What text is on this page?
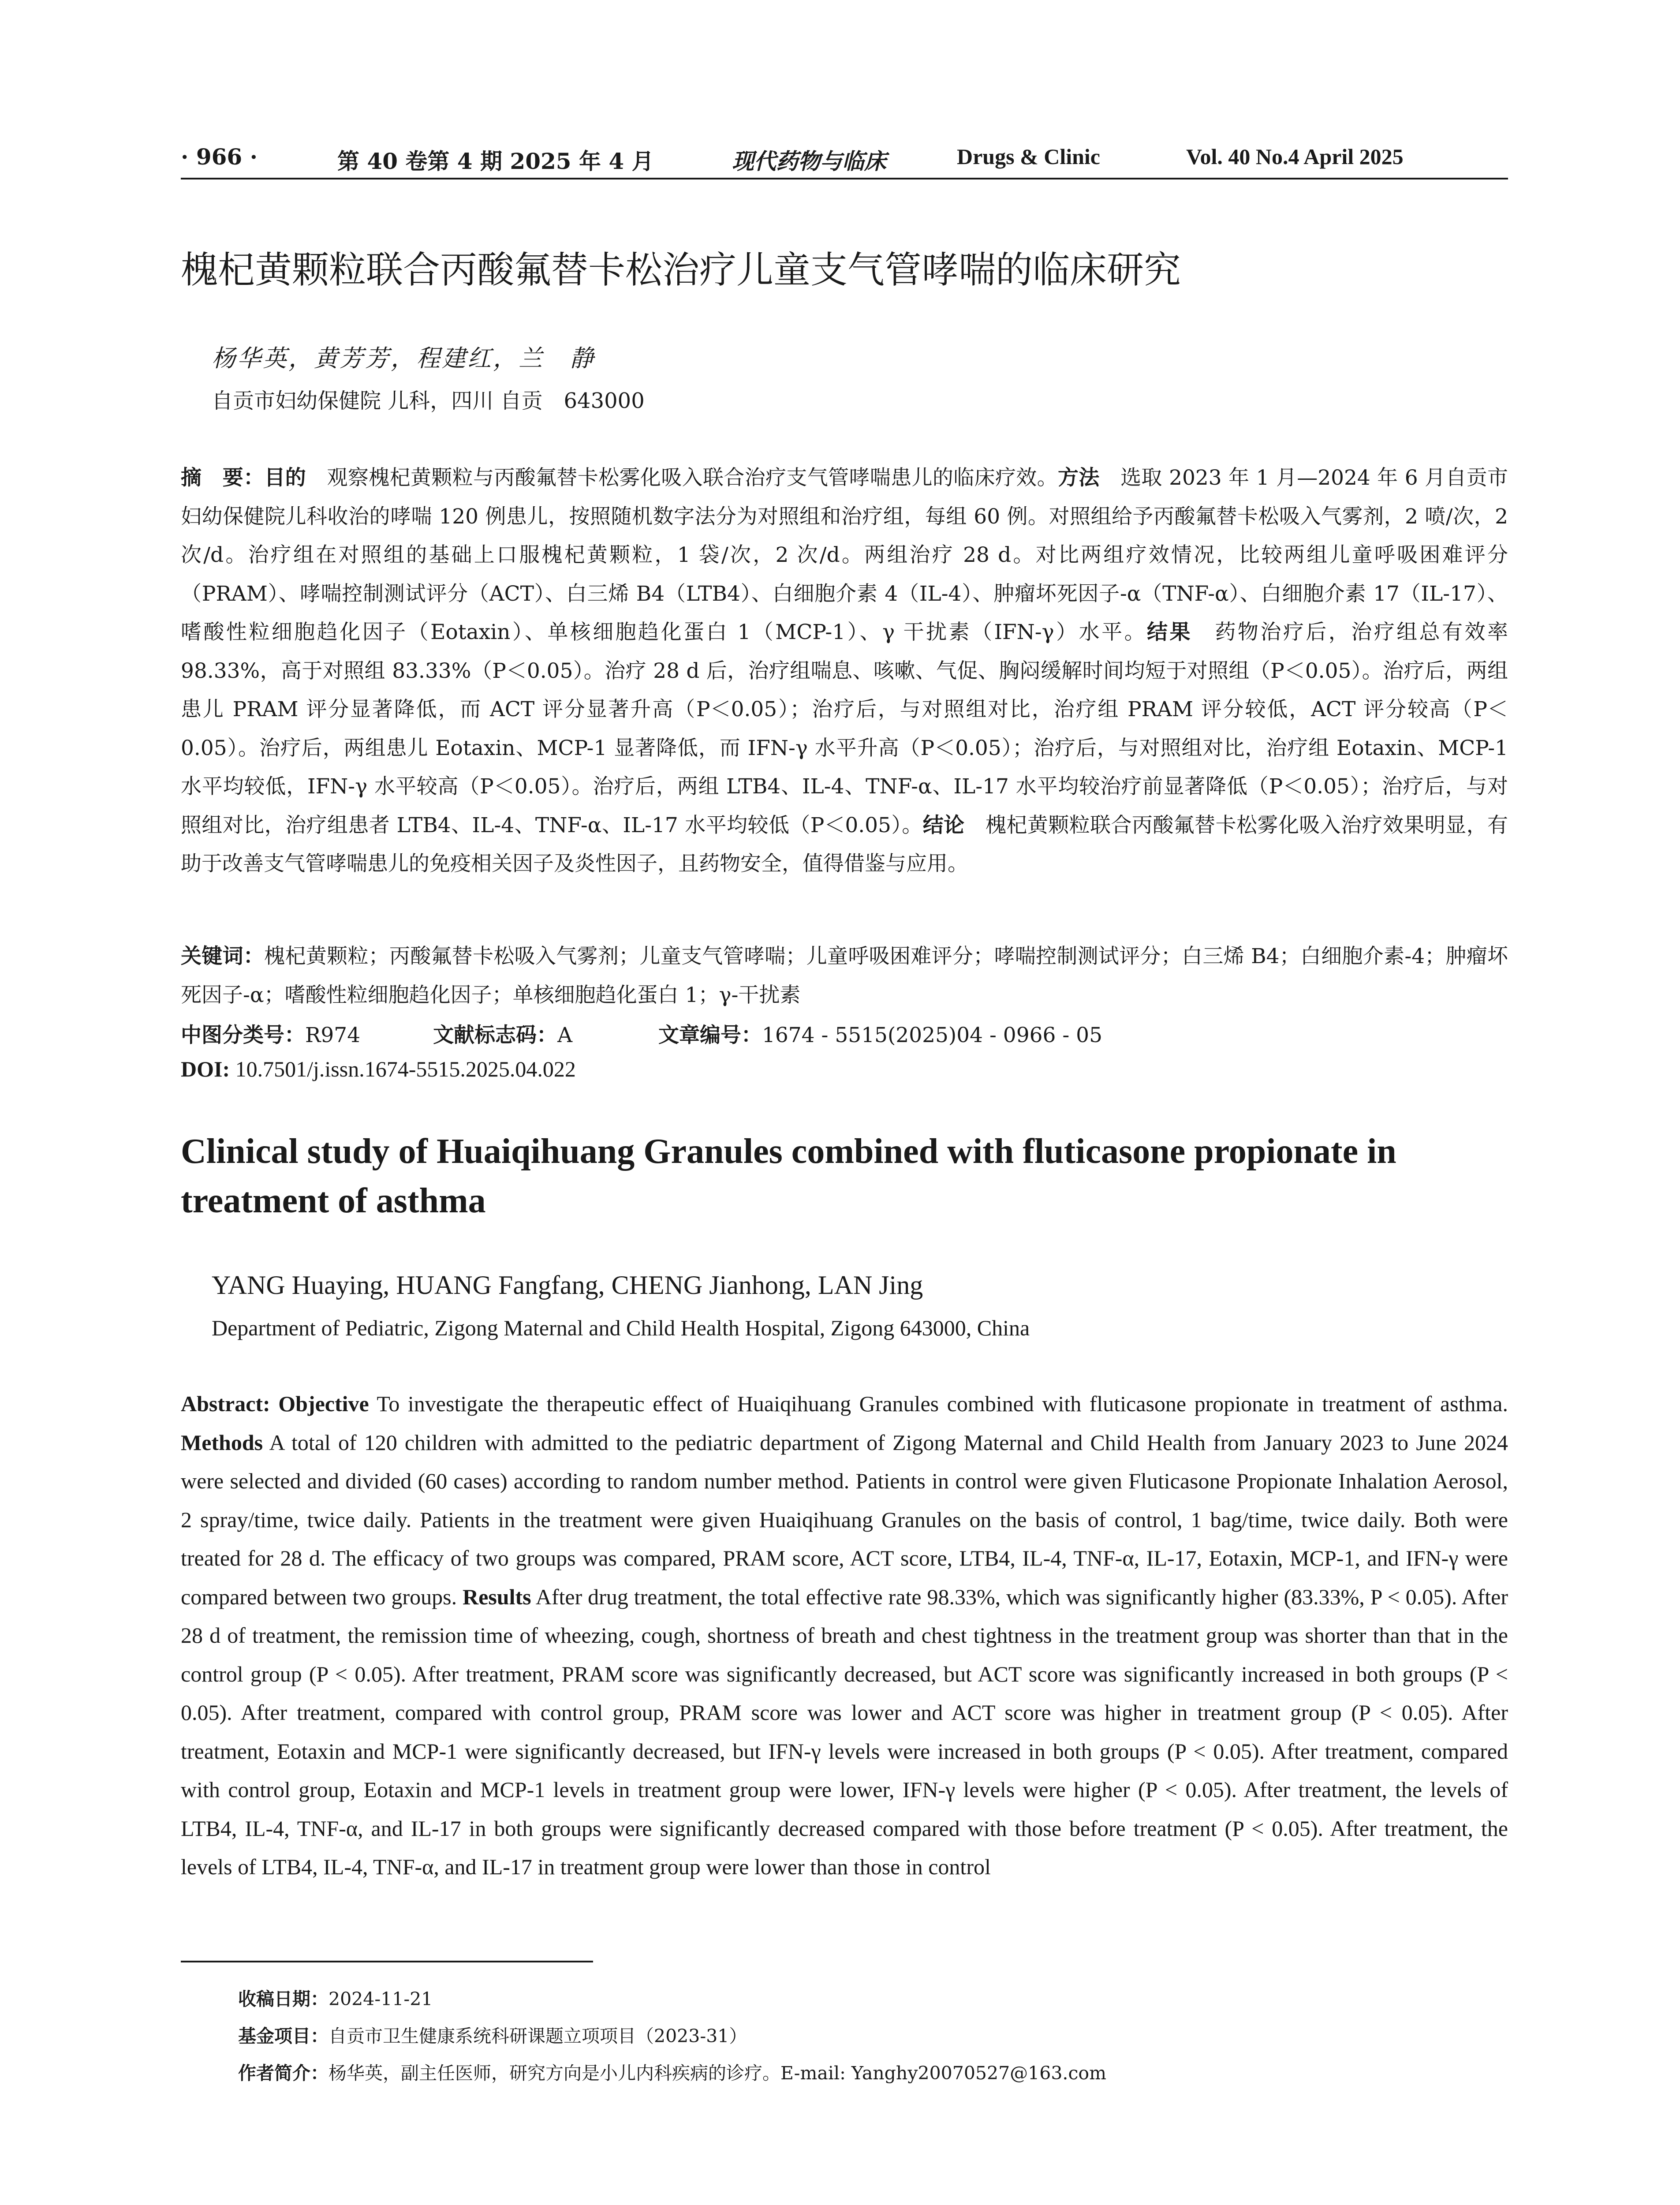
· 966 ·	第 40 卷第 4 期 2025 年 4 月	现代药物与临床	Drugs & Clinic	Vol. 40 No.4 April 2025
槐杞黄颗粒联合丙酸氟替卡松治疗儿童支气管哮喘的临床研究
杨华英，黄芳芳，程建红，兰　静
自贡市妇幼保健院 儿科，四川 自贡　643000
摘　要：目的　观察槐杞黄颗粒与丙酸氟替卡松雾化吸入联合治疗支气管哮喘患儿的临床疗效。方法　选取 2023 年 1 月—2024 年 6 月自贡市妇幼保健院儿科收治的哮喘 120 例患儿，按照随机数字法分为对照组和治疗组，每组 60 例。对照组给予丙酸氟替卡松吸入气雾剂，2 喷/次，2 次/d。治疗组在对照组的基础上口服槐杞黄颗粒，1 袋/次，2 次/d。两组治疗 28 d。对比两组疗效情况，比较两组儿童呼吸困难评分（PRAM）、哮喘控制测试评分（ACT）、白三烯 B4（LTB4）、白细胞介素 4（IL-4）、肿瘤坏死因子-α（TNF-α）、白细胞介素 17（IL-17）、嗜酸性粒细胞趋化因子（Eotaxin）、单核细胞趋化蛋白 1（MCP-1）、γ 干扰素（IFN-γ）水平。结果　药物治疗后，治疗组总有效率 98.33%，高于对照组 83.33%（P＜0.05）。治疗 28 d 后，治疗组喘息、咳嗽、气促、胸闷缓解时间均短于对照组（P＜0.05）。治疗后，两组患儿 PRAM 评分显著降低，而 ACT 评分显著升高（P＜0.05）；治疗后，与对照组对比，治疗组 PRAM 评分较低，ACT 评分较高（P＜0.05）。治疗后，两组患儿 Eotaxin、MCP-1 显著降低，而 IFN-γ 水平升高（P＜0.05）；治疗后，与对照组对比，治疗组 Eotaxin、MCP-1 水平均较低，IFN-γ 水平较高（P＜0.05）。治疗后，两组 LTB4、IL-4、TNF-α、IL-17 水平均较治疗前显著降低（P＜0.05）；治疗后，与对照组对比，治疗组患者 LTB4、IL-4、TNF-α、IL-17 水平均较低（P＜0.05）。结论　槐杞黄颗粒联合丙酸氟替卡松雾化吸入治疗效果明显，有助于改善支气管哮喘患儿的免疫相关因子及炎性因子，且药物安全，值得借鉴与应用。
关键词：槐杞黄颗粒；丙酸氟替卡松吸入气雾剂；儿童支气管哮喘；儿童呼吸困难评分；哮喘控制测试评分；白三烯 B4；白细胞介素-4；肿瘤坏死因子-α；嗜酸性粒细胞趋化因子；单核细胞趋化蛋白 1；γ-干扰素
中图分类号：R974	文献标志码：A	文章编号：1674 - 5515(2025)04 - 0966 - 05
DOI: 10.7501/j.issn.1674-5515.2025.04.022
Clinical study of Huaiqihuang Granules combined with fluticasone propionate in treatment of asthma
YANG Huaying, HUANG Fangfang, CHENG Jianhong, LAN Jing
Department of Pediatric, Zigong Maternal and Child Health Hospital, Zigong 643000, China
Abstract: Objective To investigate the therapeutic effect of Huaiqihuang Granules combined with fluticasone propionate in treatment of asthma. Methods A total of 120 children with admitted to the pediatric department of Zigong Maternal and Child Health from January 2023 to June 2024 were selected and divided (60 cases) according to random number method. Patients in control were given Fluticasone Propionate Inhalation Aerosol, 2 spray/time, twice daily. Patients in the treatment were given Huaiqihuang Granules on the basis of control, 1 bag/time, twice daily. Both were treated for 28 d. The efficacy of two groups was compared, PRAM score, ACT score, LTB4, IL-4, TNF-α, IL-17, Eotaxin, MCP-1, and IFN-γ were compared between two groups. Results After drug treatment, the total effective rate 98.33%, which was significantly higher (83.33%, P < 0.05). After 28 d of treatment, the remission time of wheezing, cough, shortness of breath and chest tightness in the treatment group was shorter than that in the control group (P < 0.05). After treatment, PRAM score was significantly decreased, but ACT score was significantly increased in both groups (P < 0.05). After treatment, compared with control group, PRAM score was lower and ACT score was higher in treatment group (P < 0.05). After treatment, Eotaxin and MCP-1 were significantly decreased, but IFN-γ levels were increased in both groups (P < 0.05). After treatment, compared with control group, Eotaxin and MCP-1 levels in treatment group were lower, IFN-γ levels were higher (P < 0.05). After treatment, the levels of LTB4, IL-4, TNF-α, and IL-17 in both groups were significantly decreased compared with those before treatment (P < 0.05). After treatment, the levels of LTB4, IL-4, TNF-α, and IL-17 in treatment group were lower than those in control
收稿日期：2024-11-21
基金项目：自贡市卫生健康系统科研课题立项项目（2023-31）
作者简介：杨华英，副主任医师，研究方向是小儿内科疾病的诊疗。E-mail: Yanghy20070527@163.com
